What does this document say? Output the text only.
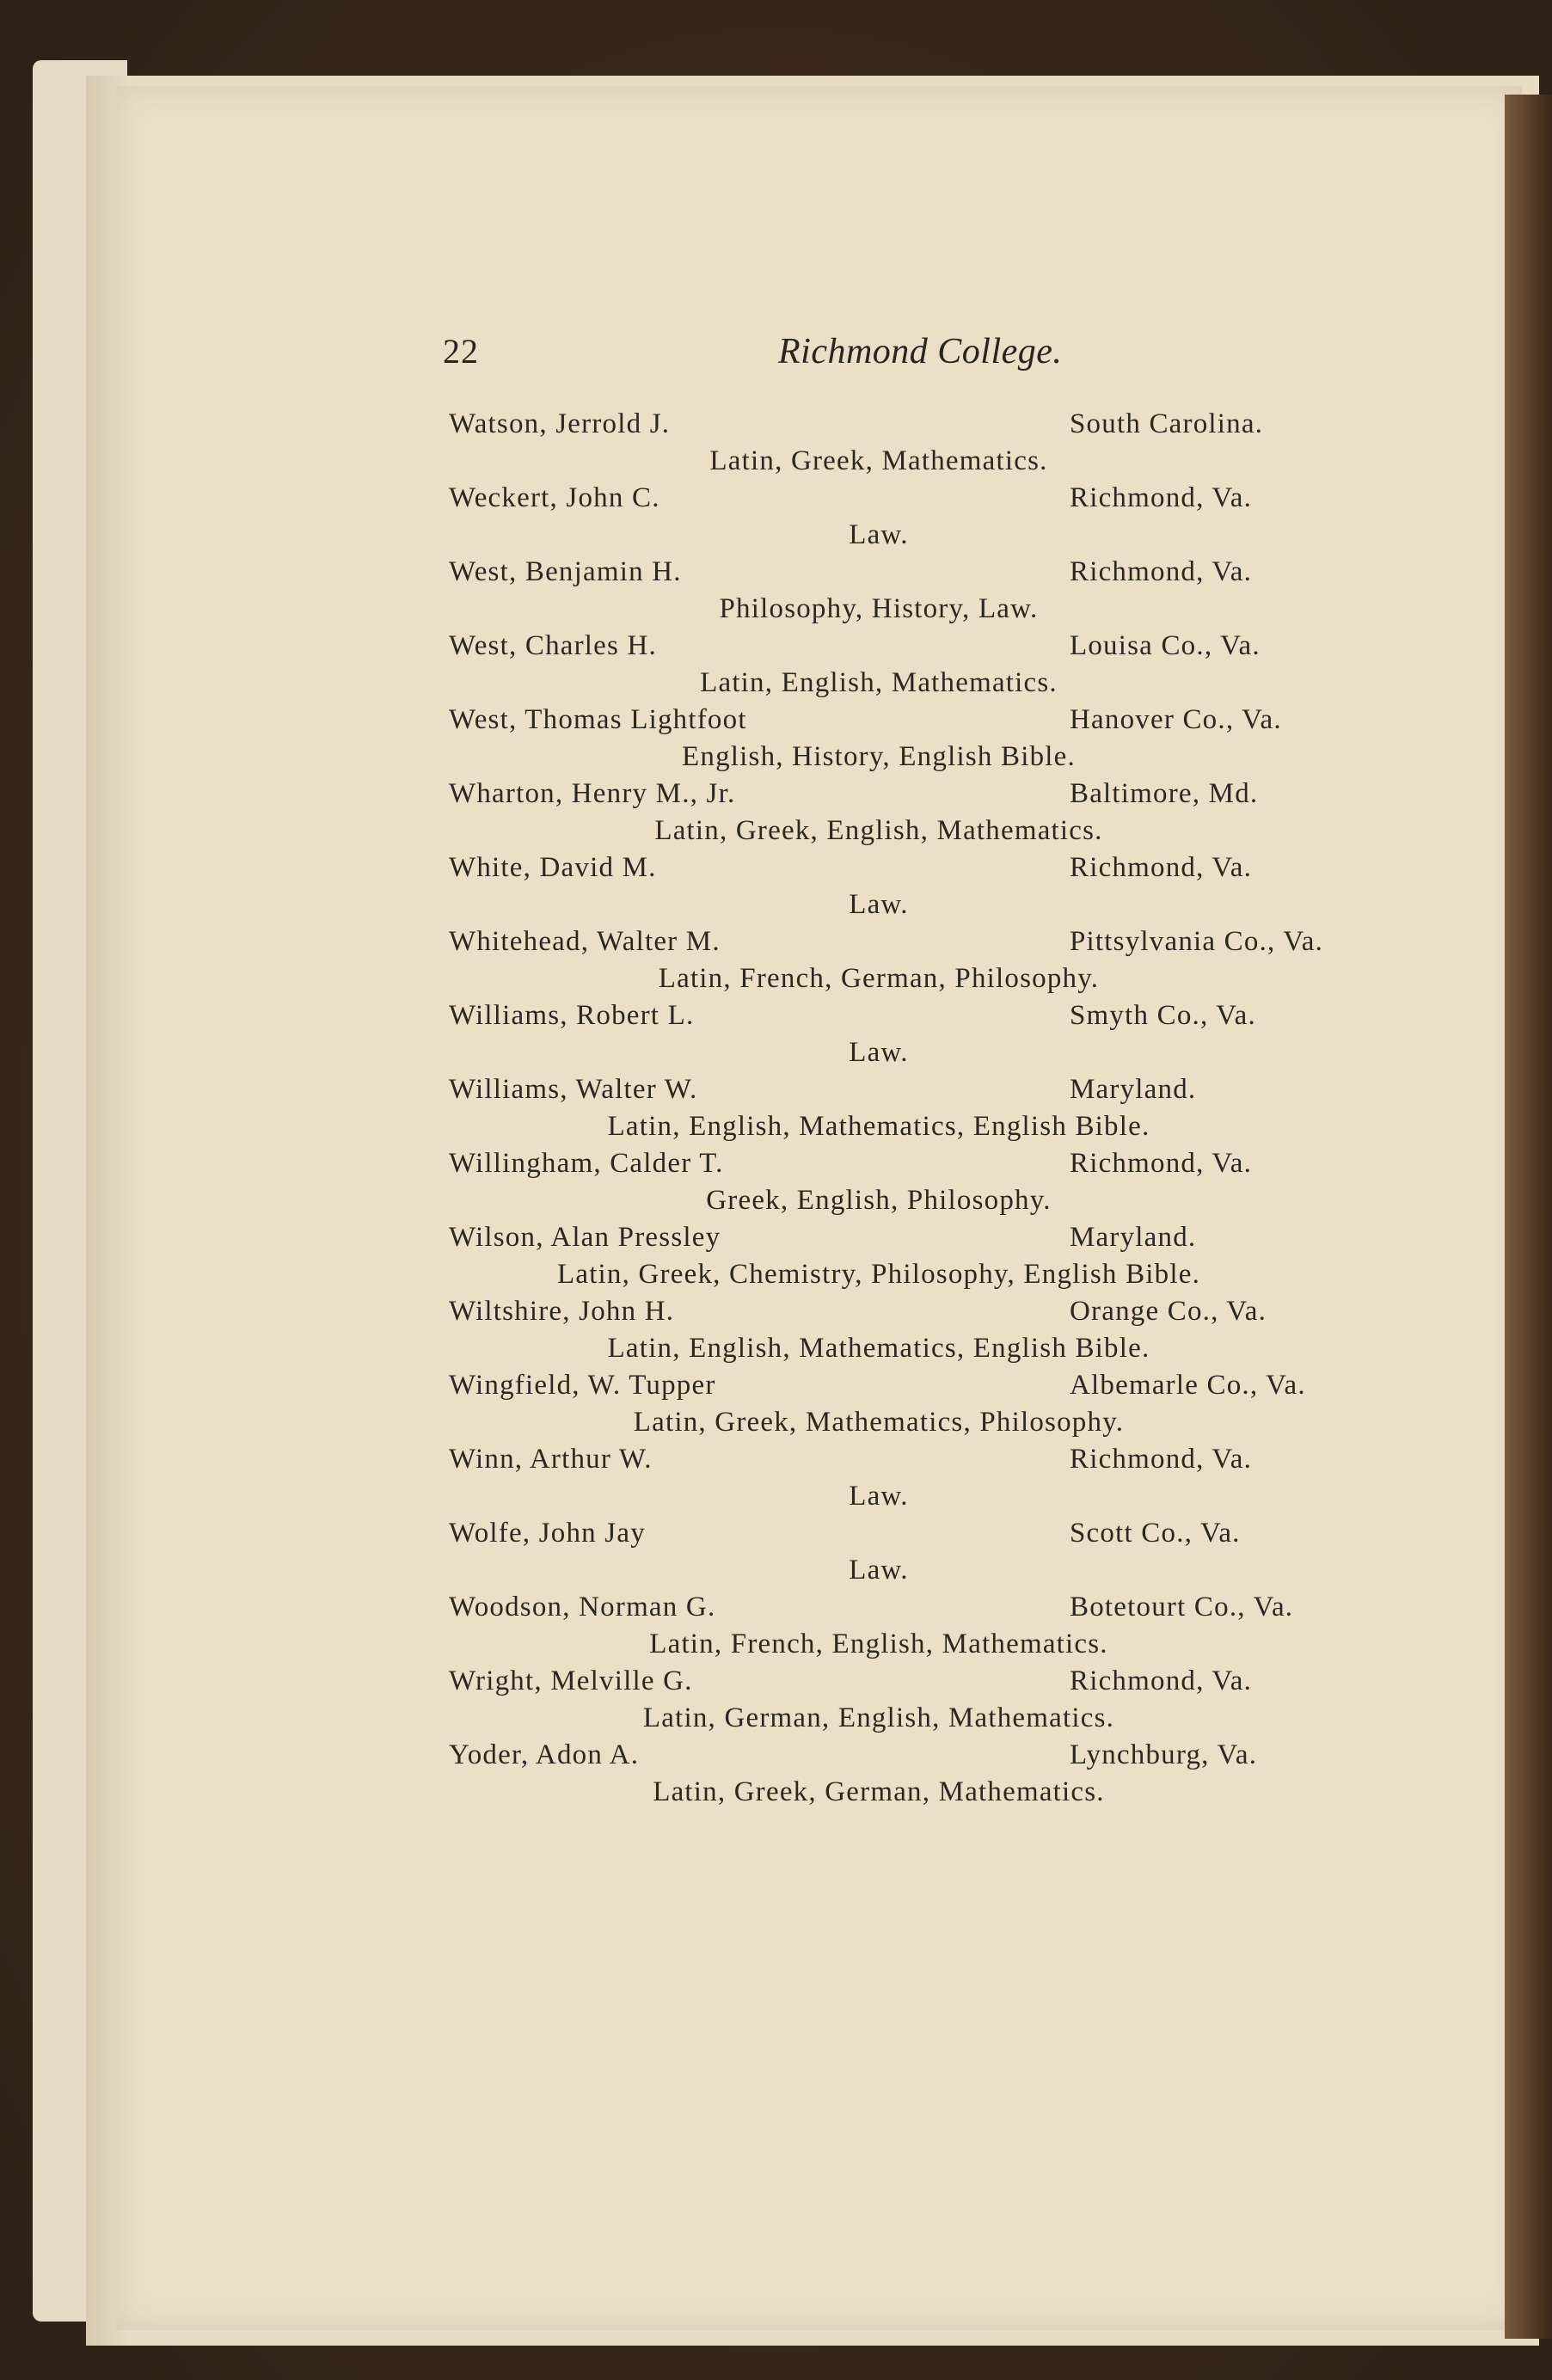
22	Richmond College.
Watson, Jerrold J.	South Carolina.
Latin, Greek, Mathematics.
Weckert, John C.	Richmond, Va.
Law.
West, Benjamin H.	Richmond, Va.
Philosophy, History, Law.
West, Charles H.	Louisa Co., Va.
Latin, English, Mathematics.
West, Thomas Lightfoot	Hanover Co., Va.
English, History, English Bible.
Wharton, Henry M., Jr.	Baltimore, Md.
Latin, Greek, English, Mathematics.
White, David M.	Richmond, Va.
Law.
Whitehead, Walter M.	Pittsylvania Co., Va.
Latin, French, German, Philosophy.
Williams, Robert L.	Smyth Co., Va.
Law.
Williams, Walter W.	Maryland.
Latin, English, Mathematics, English Bible.
Willingham, Calder T.	Richmond, Va.
Greek, English, Philosophy.
Wilson, Alan Pressley	Maryland.
Latin, Greek, Chemistry, Philosophy, English Bible.
Wiltshire, John H.	Orange Co., Va.
Latin, English, Mathematics, English Bible.
Wingfield, W. Tupper	Albemarle Co., Va.
Latin, Greek, Mathematics, Philosophy.
Winn, Arthur W.	Richmond, Va.
Law.
Wolfe, John Jay	Scott Co., Va.
Law.
Woodson, Norman G.	Botetourt Co., Va.
Latin, French, English, Mathematics.
Wright, Melville G.	Richmond, Va.
Latin, German, English, Mathematics.
Yoder, Adon A.	Lynchburg, Va.
Latin, Greek, German, Mathematics.
